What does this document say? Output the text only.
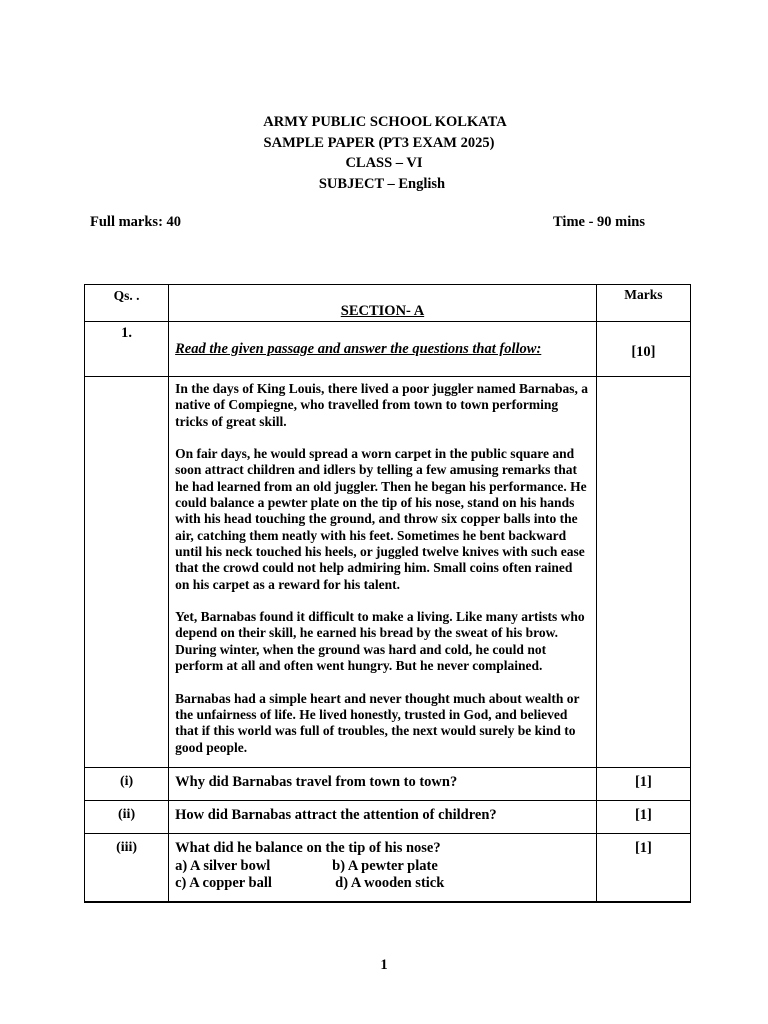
ARMY PUBLIC SCHOOL KOLKATA
SAMPLE PAPER (PT3 EXAM 2025)
CLASS – VI
SUBJECT – English
Full marks: 40	Time - 90 mins
Qs. .	SECTION- A	Marks

1.	Read the given passage and answer the questions that follow:	[10]

	In the days of King Louis, there lived a poor juggler named Barnabas, a native of Compiegne, who travelled from town to town performing tricks of great skill.

On fair days, he would spread a worn carpet in the public square and soon attract children and idlers by telling a few amusing remarks that he had learned from an old juggler. Then he began his performance. He could balance a pewter plate on the tip of his nose, stand on his hands with his head touching the ground, and throw six copper balls into the air, catching them neatly with his feet. Sometimes he bent backward until his neck touched his heels, or juggled twelve knives with such ease that the crowd could not help admiring him. Small coins often rained on his carpet as a reward for his talent.

Yet, Barnabas found it difficult to make a living. Like many artists who depend on their skill, he earned his bread by the sweat of his brow. During winter, when the ground was hard and cold, he could not perform at all and often went hungry. But he never complained.

Barnabas had a simple heart and never thought much about wealth or the unfairness of life. He lived honestly, trusted in God, and believed that if this world was full of troubles, the next would surely be kind to good people.	

(i)	Why did Barnabas travel from town to town?	[1]

(ii)	How did Barnabas attract the attention of children?	[1]

(iii)	What did he balance on the tip of his nose?
a) A silver bowl b) A pewter plate
c) A copper ball d) A wooden stick	[1]
1
